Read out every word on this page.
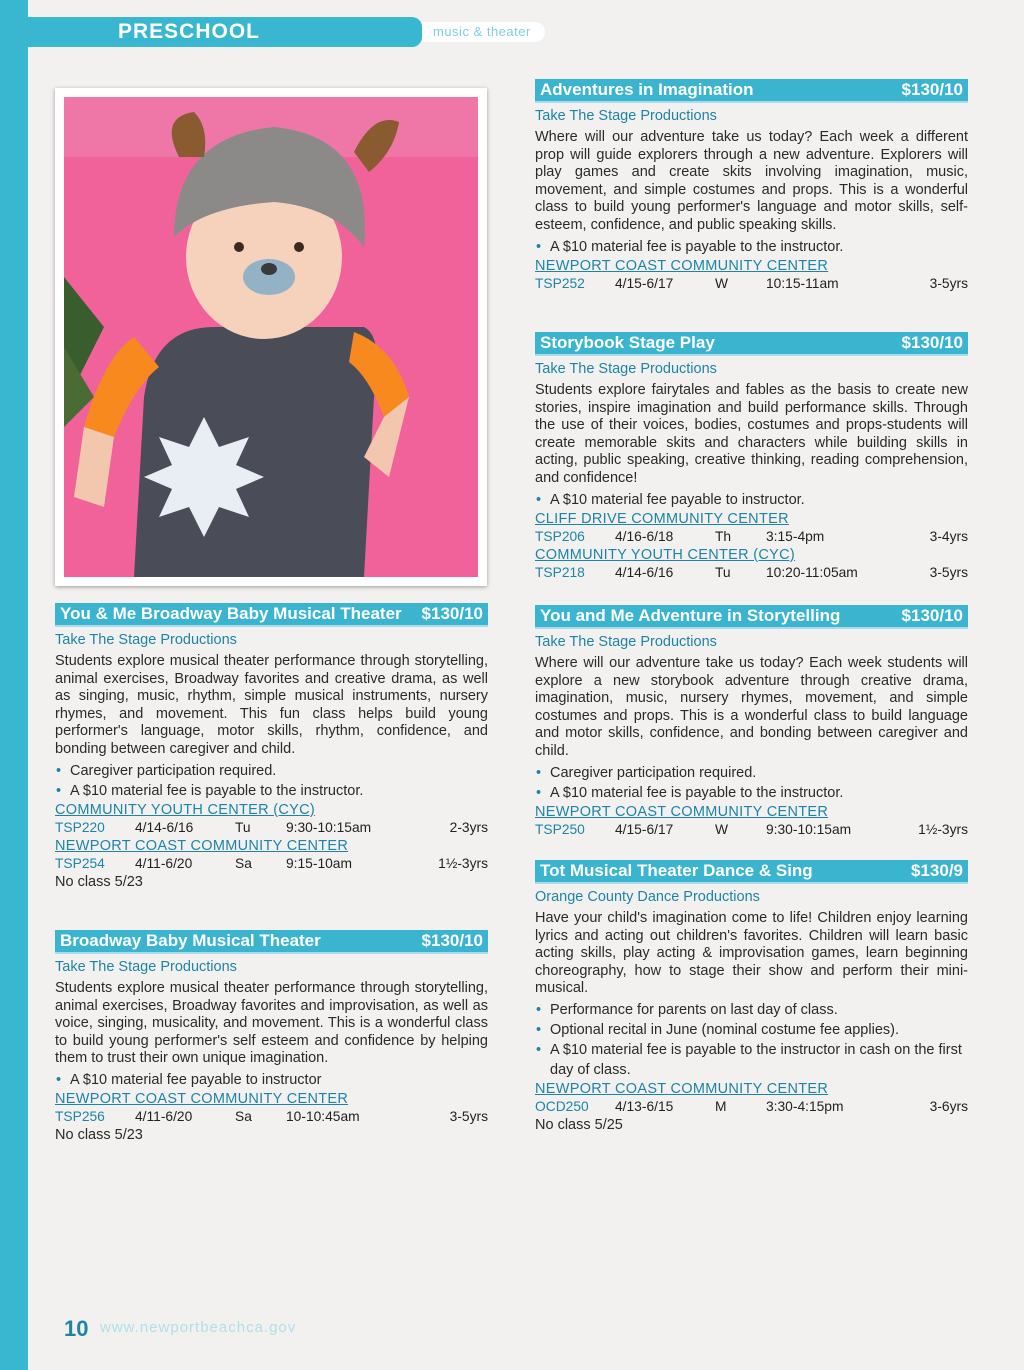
PRESCHOOL	music & theater
You & Me Broadway Baby Musical Theater $130/10
Take The Stage Productions
Students explore musical theater performance through storytelling, animal exercises, Broadway favorites and creative drama, as well as singing, music, rhythm, simple musical instruments, nursery rhymes, and movement. This fun class helps build young performer's language, motor skills, rhythm, confidence, and bonding between caregiver and child.
• Caregiver participation required.
• A $10 material fee is payable to the instructor.
COMMUNITY YOUTH CENTER (CYC)
TSP220	4/14-6/16	Tu	9:30-10:15am	2-3yrs
NEWPORT COAST COMMUNITY CENTER
TSP254	4/11-6/20	Sa	9:15-10am	1½-3yrs
No class 5/23
Broadway Baby Musical Theater	$130/10
Take The Stage Productions
Students explore musical theater performance through storytelling, animal exercises, Broadway favorites and improvisation, as well as voice, singing, musicality, and movement. This is a wonderful class to build young performer's self esteem and confidence by helping them to trust their own unique imagination.
• A $10 material fee payable to instructor
NEWPORT COAST COMMUNITY CENTER
TSP256	4/11-6/20	Sa	10-10:45am	3-5yrs
No class 5/23
Adventures in Imagination	$130/10
Take The Stage Productions
Where will our adventure take us today? Each week a different prop will guide explorers through a new adventure. Explorers will play games and create skits involving imagination, music, movement, and simple costumes and props. This is a wonderful class to build young performer's language and motor skills, self-esteem, confidence, and public speaking skills.
• A $10 material fee is payable to the instructor.
NEWPORT COAST COMMUNITY CENTER
TSP252	4/15-6/17	W	10:15-11am	3-5yrs
Storybook Stage Play	$130/10
Take The Stage Productions
Students explore fairytales and fables as the basis to create new stories, inspire imagination and build performance skills. Through the use of their voices, bodies, costumes and props-students will create memorable skits and characters while building skills in acting, public speaking, creative thinking, reading comprehension, and confidence!
• A $10 material fee payable to instructor.
CLIFF DRIVE COMMUNITY CENTER
TSP206	4/16-6/18	Th	3:15-4pm	3-4yrs
COMMUNITY YOUTH CENTER (CYC)
TSP218	4/14-6/16	Tu	10:20-11:05am	3-5yrs
You and Me Adventure in Storytelling	$130/10
Take The Stage Productions
Where will our adventure take us today? Each week students will explore a new storybook adventure through creative drama, imagination, music, nursery rhymes, movement, and simple costumes and props. This is a wonderful class to build language and motor skills, confidence, and bonding between caregiver and child.
• Caregiver participation required.
• A $10 material fee is payable to the instructor.
NEWPORT COAST COMMUNITY CENTER
TSP250	4/15-6/17	W	9:30-10:15am	1½-3yrs
Tot Musical Theater Dance & Sing	$130/9
Orange County Dance Productions
Have your child's imagination come to life! Children enjoy learning lyrics and acting out children's favorites. Children will learn basic acting skills, play acting & improvisation games, learn beginning choreography, how to stage their show and perform their mini-musical.
• Performance for parents on last day of class.
• Optional recital in June (nominal costume fee applies).
• A $10 material fee is payable to the instructor in cash on the first day of class.
NEWPORT COAST COMMUNITY CENTER
OCD250	4/13-6/15	M	3:30-4:15pm	3-6yrs
No class 5/25
10 www.newportbeachca.gov
